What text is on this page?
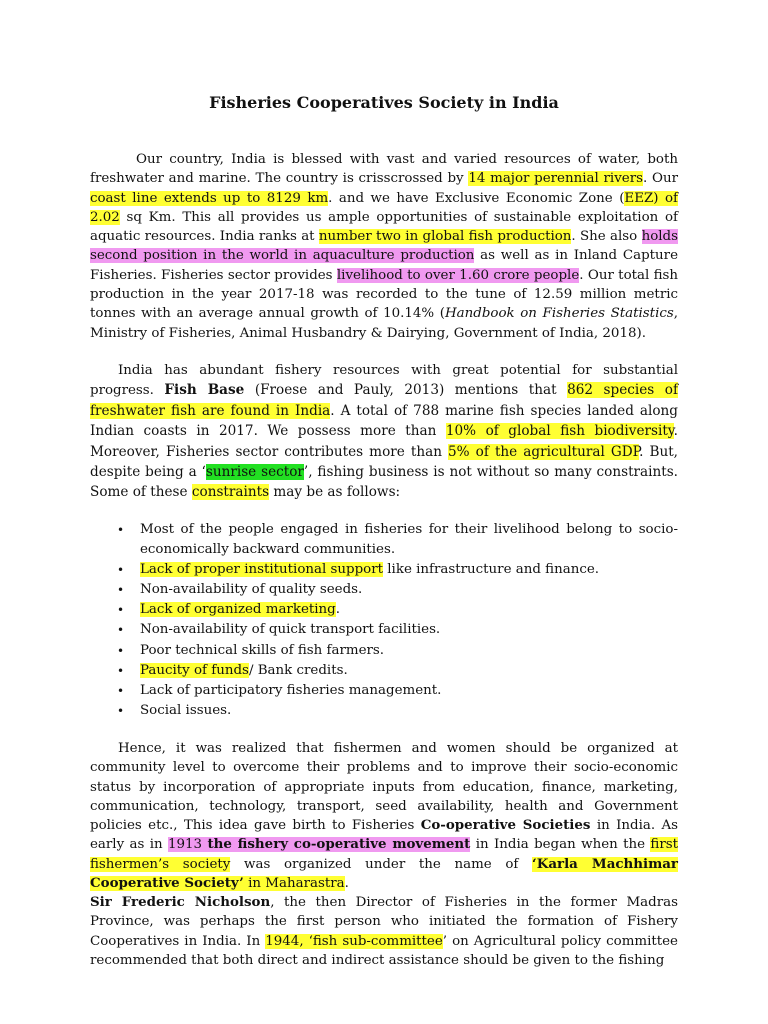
Fisheries Cooperatives Society in India

Our country, India is blessed with vast and varied resources of water, both freshwater and marine. The country is crisscrossed by 14 major perennial rivers. Our coast line extends up to 8129 km. and we have Exclusive Economic Zone (EEZ) of 2.02 sq Km. This all provides us ample opportunities of sustainable exploitation of aquatic resources. India ranks at number two in global fish production. She also holds second position in the world in aquaculture production as well as in Inland Capture Fisheries. Fisheries sector provides livelihood to over 1.60 crore people. Our total fish production in the year 2017-18 was recorded to the tune of 12.59 million metric tonnes with an average annual growth of 10.14% (Handbook on Fisheries Statistics, Ministry of Fisheries, Animal Husbandry & Dairying, Government of India, 2018).

India has abundant fishery resources with great potential for substantial progress. Fish Base (Froese and Pauly, 2013) mentions that 862 species of freshwater fish are found in India. A total of 788 marine fish species landed along Indian coasts in 2017. We possess more than 10% of global fish biodiversity. Moreover, Fisheries sector contributes more than 5% of the agricultural GDP. But, despite being a ‘sunrise sector’, fishing business is not without so many constraints. Some of these constraints may be as follows:

• Most of the people engaged in fisheries for their livelihood belong to socio-economically backward communities.
• Lack of proper institutional support like infrastructure and finance.
• Non-availability of quality seeds.
• Lack of organized marketing.
• Non-availability of quick transport facilities.
• Poor technical skills of fish farmers.
• Paucity of funds/ Bank credits.
• Lack of participatory fisheries management.
• Social issues.

Hence, it was realized that fishermen and women should be organized at community level to overcome their problems and to improve their socio-economic status by incorporation of appropriate inputs from education, finance, marketing, communication, technology, transport, seed availability, health and Government policies etc., This idea gave birth to Fisheries Co-operative Societies in India. As early as in 1913 the fishery co-operative movement in India began when the first fishermen’s society was organized under the name of ‘Karla Machhimar Cooperative Society’ in Maharastra.

Sir Frederic Nicholson, the then Director of Fisheries in the former Madras Province, was perhaps the first person who initiated the formation of Fishery Cooperatives in India. In 1944, ‘fish sub-committee’ on Agricultural policy committee recommended that both direct and indirect assistance should be given to the fishing
